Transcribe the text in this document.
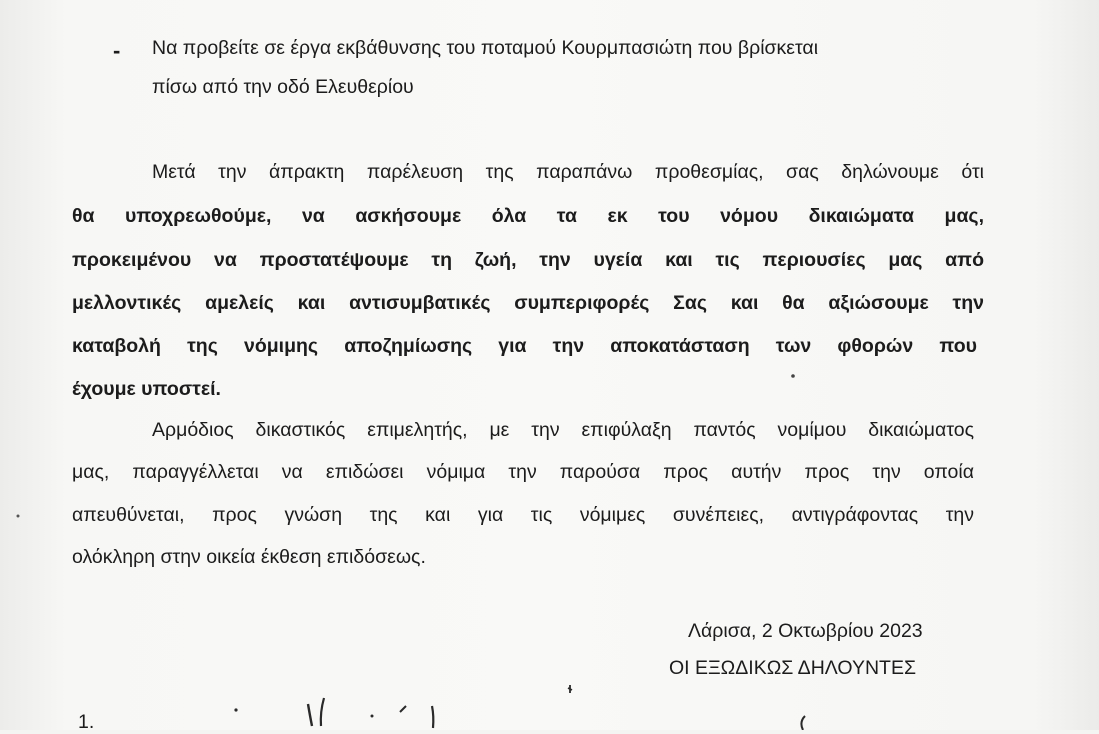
- Να προβείτε σε έργα εκβάθυνσης του ποταμού Κουρμπασιώτη που βρίσκεται
πίσω από την οδό Ελευθερίου
Μετά την άπρακτη παρέλευση της παραπάνω προθεσμίας, σας δηλώνουμε ότι
θα υποχρεωθούμε, να ασκήσουμε όλα τα εκ του νόμου δικαιώματα μας,
προκειμένου να προστατέψουμε τη ζωή, την υγεία και τις περιουσίες μας από
μελλοντικές αμελείς και αντισυμβατικές συμπεριφορές Σας και θα αξιώσουμε την
καταβολή της νόμιμης αποζημίωσης για την αποκατάσταση των φθορών που
έχουμε υποστεί.
Αρμόδιος δικαστικός επιμελητής, με την επιφύλαξη παντός νομίμου δικαιώματος
μας, παραγγέλλεται να επιδώσει νόμιμα την παρούσα προς αυτήν προς την οποία
απευθύνεται, προς γνώση της και για τις νόμιμες συνέπειες, αντιγράφοντας την
ολόκληρη στην οικεία έκθεση επιδόσεως.
Λάρισα, 2 Οκτωβρίου 2023
ΟΙ ΕΞΩΔΙΚΩΣ ΔΗΛΟΥΝΤΕΣ
1.
